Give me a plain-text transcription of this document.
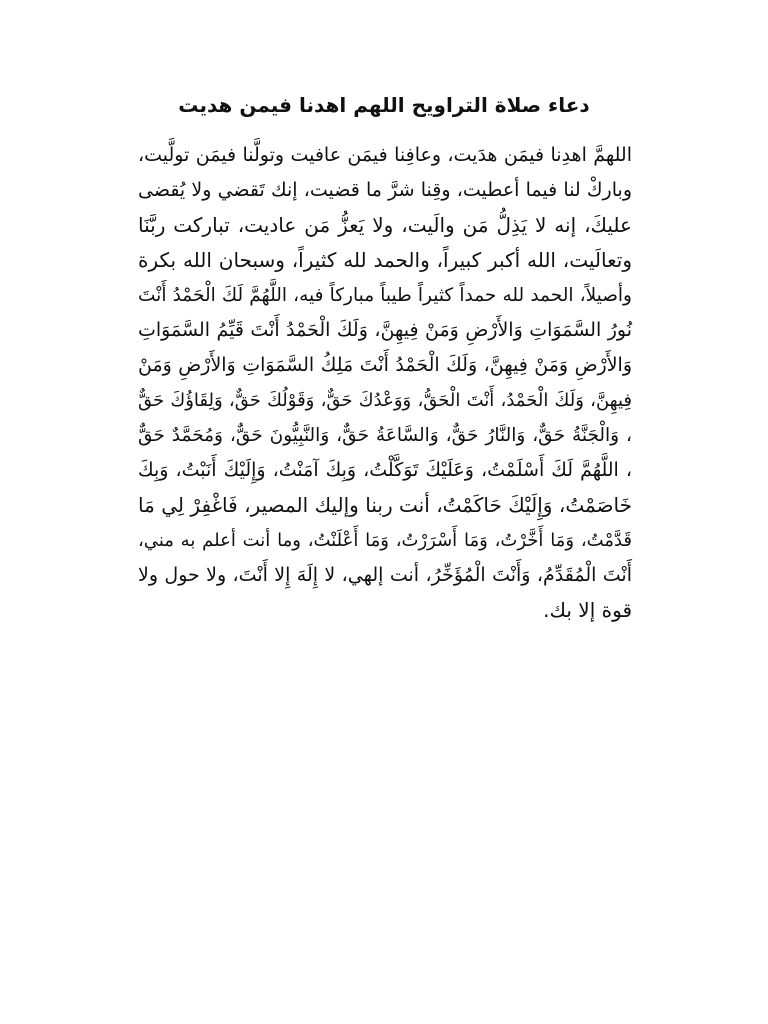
دعاء صلاة التراويح اللهم اهدنا فيمن هديت
اللهمَّ اهدِنا فيمَن هدَيت، وعافِنا فيمَن عافيت وتولَّنا فيمَن تولَّيت،
وباركْ لنا فيما أعطيت، وقِنا شرَّ ما قضيت، إنك تَقضي ولا يُقضى
عليكَ، إنه لا يَذِلُّ مَن والَيت، ولا يَعزُّ مَن عاديت، تباركت ربَّنَا
وتعالَيت، الله أكبر كبيراً، والحمد لله كثيراً، وسبحان الله بكرة
وأصيلاً، الحمد لله حمداً كثيراً طيباً مباركاً فيه، اللَّهُمَّ لَكَ الْحَمْدُ أَنْتَ
نُورُ السَّمَوَاتِ وَالأَرْضِ وَمَنْ فِيهِنَّ، وَلَكَ الْحَمْدُ أَنْتَ قَيِّمُ السَّمَوَاتِ
وَالأَرْضِ وَمَنْ فِيهِنَّ، وَلَكَ الْحَمْدُ أَنْتَ مَلِكُ السَّمَوَاتِ وَالأَرْضِ وَمَنْ
فِيهِنَّ، وَلَكَ الْحَمْدُ، أَنْتَ الْحَقُّ، وَوَعْدُكَ حَقٌّ، وَقَوْلُكَ حَقٌّ، وَلِقَاؤُكَ حَقٌّ
، وَالْجَنَّةُ حَقٌّ، وَالنَّارُ حَقٌّ، وَالسَّاعَةُ حَقٌّ، وَالنَّبِيُّونَ حَقٌّ، وَمُحَمَّدٌ حَقٌّ
، اللَّهُمَّ لَكَ أَسْلَمْتُ، وَعَلَيْكَ تَوَكَّلْتُ، وَبِكَ آمَنْتُ، وَإِلَيْكَ أَنَبْتُ، وَبِكَ
خَاصَمْتُ، وَإِلَيْكَ حَاكَمْتُ، أنت ربنا وإليك المصير، فَاغْفِرْ لِي مَا
قَدَّمْتُ، وَمَا أَخَّرْتُ، وَمَا أَسْرَرْتُ، وَمَا أَعْلَنْتُ، وما أنت أعلم به مني،
أَنْتَ الْمُقَدِّمُ، وَأَنْتَ الْمُؤَخِّرُ، أنت إلهي، لا إِلَهَ إِلا أَنْتَ، ولا حول ولا
قوة إلا بك.
